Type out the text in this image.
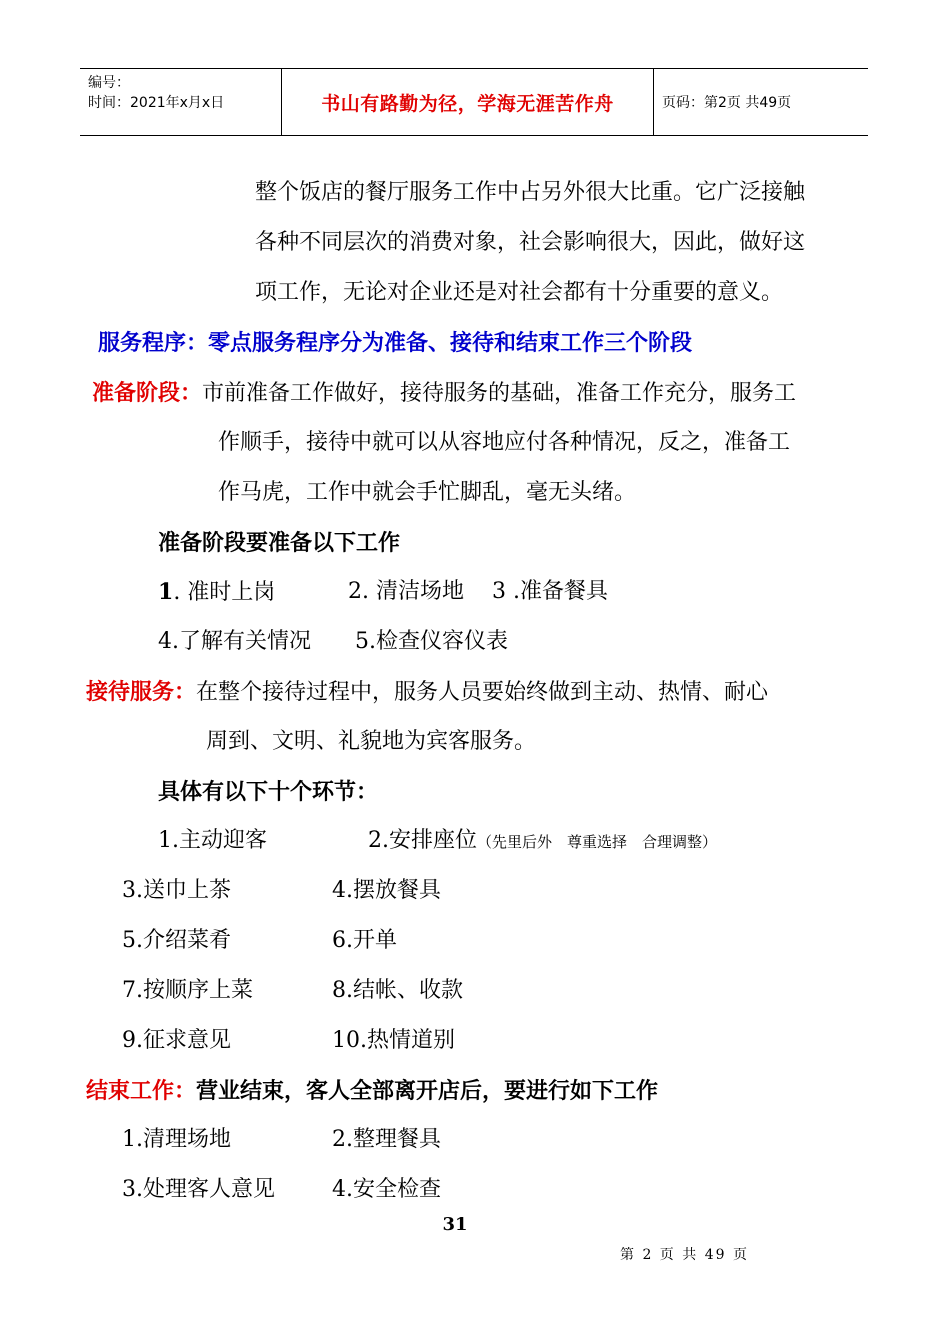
编号：
时间：2021年x月x日	书山有路勤为径，学海无涯苦作舟	页码：第2页 共49页
整个饭店的餐厅服务工作中占另外很大比重。它广泛接触
各种不同层次的消费对象，社会影响很大，因此，做好这
项工作，无论对企业还是对社会都有十分重要的意义。
服务程序：零点服务程序分为准备、接待和结束工作三个阶段
准备阶段：市前准备工作做好，接待服务的基础，准备工作充分，服务工
作顺手，接待中就可以从容地应付各种情况，反之，准备工
作马虎，工作中就会手忙脚乱，毫无头绪。
准备阶段要准备以下工作
1. 准时上岗	2. 清洁场地 3 .准备餐具
4.了解有关情况 5.检查仪容仪表
接待服务：在整个接待过程中，服务人员要始终做到主动、热情、耐心
周到、文明、礼貌地为宾客服务。
具体有以下十个环节：
1.主动迎客	2.安排座位（先里后外　尊重选择　合理调整）
3.送巾上茶	4.摆放餐具
5.介绍菜肴	6.开单
7.按顺序上菜	8.结帐、收款
9.征求意见	10.热情道别
结束工作：营业结束，客人全部离开店后，要进行如下工作
1.清理场地	2.整理餐具
3.处理客人意见	4.安全检查
31
第 2 页 共 49 页
